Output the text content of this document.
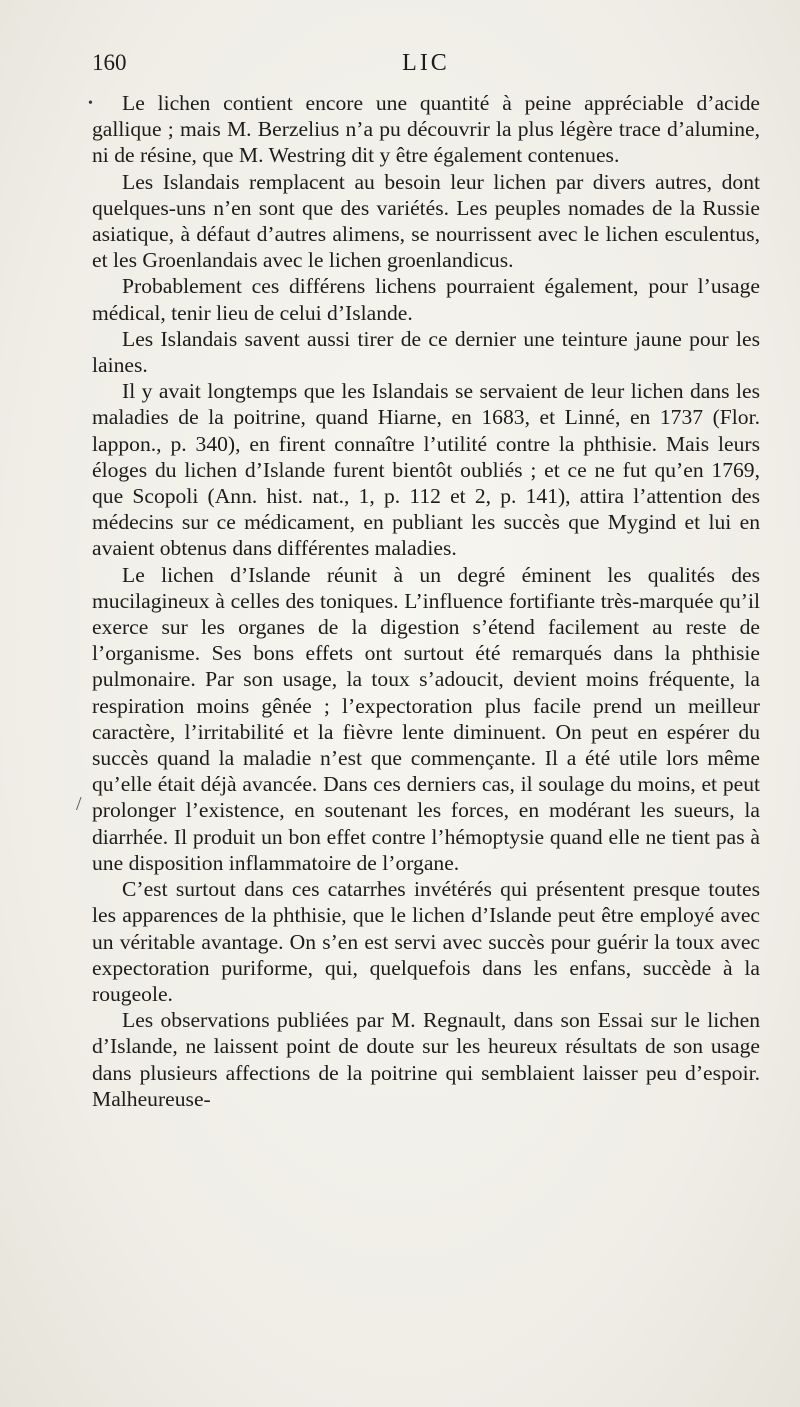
160	LIC

Le lichen contient encore une quantité à peine appréciable d’acide gallique ; mais M. Berzelius n’a pu découvrir la plus légère trace d’alumine, ni de résine, que M. Westring dit y être également contenues.

Les Islandais remplacent au besoin leur lichen par divers autres, dont quelques-uns n’en sont que des variétés. Les peuples nomades de la Russie asiatique, à défaut d’autres alimens, se nourrissent avec le lichen esculentus, et les Groenlandais avec le lichen groenlandicus.

Probablement ces différens lichens pourraient également, pour l’usage médical, tenir lieu de celui d’Islande.

Les Islandais savent aussi tirer de ce dernier une teinture jaune pour les laines.

Il y avait longtemps que les Islandais se servaient de leur lichen dans les maladies de la poitrine, quand Hiarne, en 1683, et Linné, en 1737 (Flor. lappon., p. 340), en firent connaître l’utilité contre la phthisie. Mais leurs éloges du lichen d’Islande furent bientôt oubliés ; et ce ne fut qu’en 1769, que Scopoli (Ann. hist. nat., 1, p. 112 et 2, p. 141), attira l’attention des médecins sur ce médicament, en publiant les succès que Mygind et lui en avaient obtenus dans différentes maladies.

Le lichen d’Islande réunit à un degré éminent les qualités des mucilagineux à celles des toniques. L’influence fortifiante très-marquée qu’il exerce sur les organes de la digestion s’étend facilement au reste de l’organisme. Ses bons effets ont surtout été remarqués dans la phthisie pulmonaire. Par son usage, la toux s’adoucit, devient moins fréquente, la respiration moins gênée ; l’expectoration plus facile prend un meilleur caractère, l’irritabilité et la fièvre lente diminuent. On peut en espérer du succès quand la maladie n’est que commençante. Il a été utile lors même qu’elle était déjà avancée. Dans ces derniers cas, il soulage du moins, et peut prolonger l’existence, en soutenant les forces, en modérant les sueurs, la diarrhée. Il produit un bon effet contre l’hémoptysie quand elle ne tient pas à une disposition inflammatoire de l’organe.

C’est surtout dans ces catarrhes invétérés qui présentent presque toutes les apparences de la phthisie, que le lichen d’Islande peut être employé avec un véritable avantage. On s’en est servi avec succès pour guérir la toux avec expectoration puriforme, qui, quelquefois dans les enfans, succède à la rougeole.

Les observations publiées par M. Regnault, dans son Essai sur le lichen d’Islande, ne laissent point de doute sur les heureux résultats de son usage dans plusieurs affections de la poitrine qui semblaient laisser peu d’espoir. Malheureuse-

•
/
